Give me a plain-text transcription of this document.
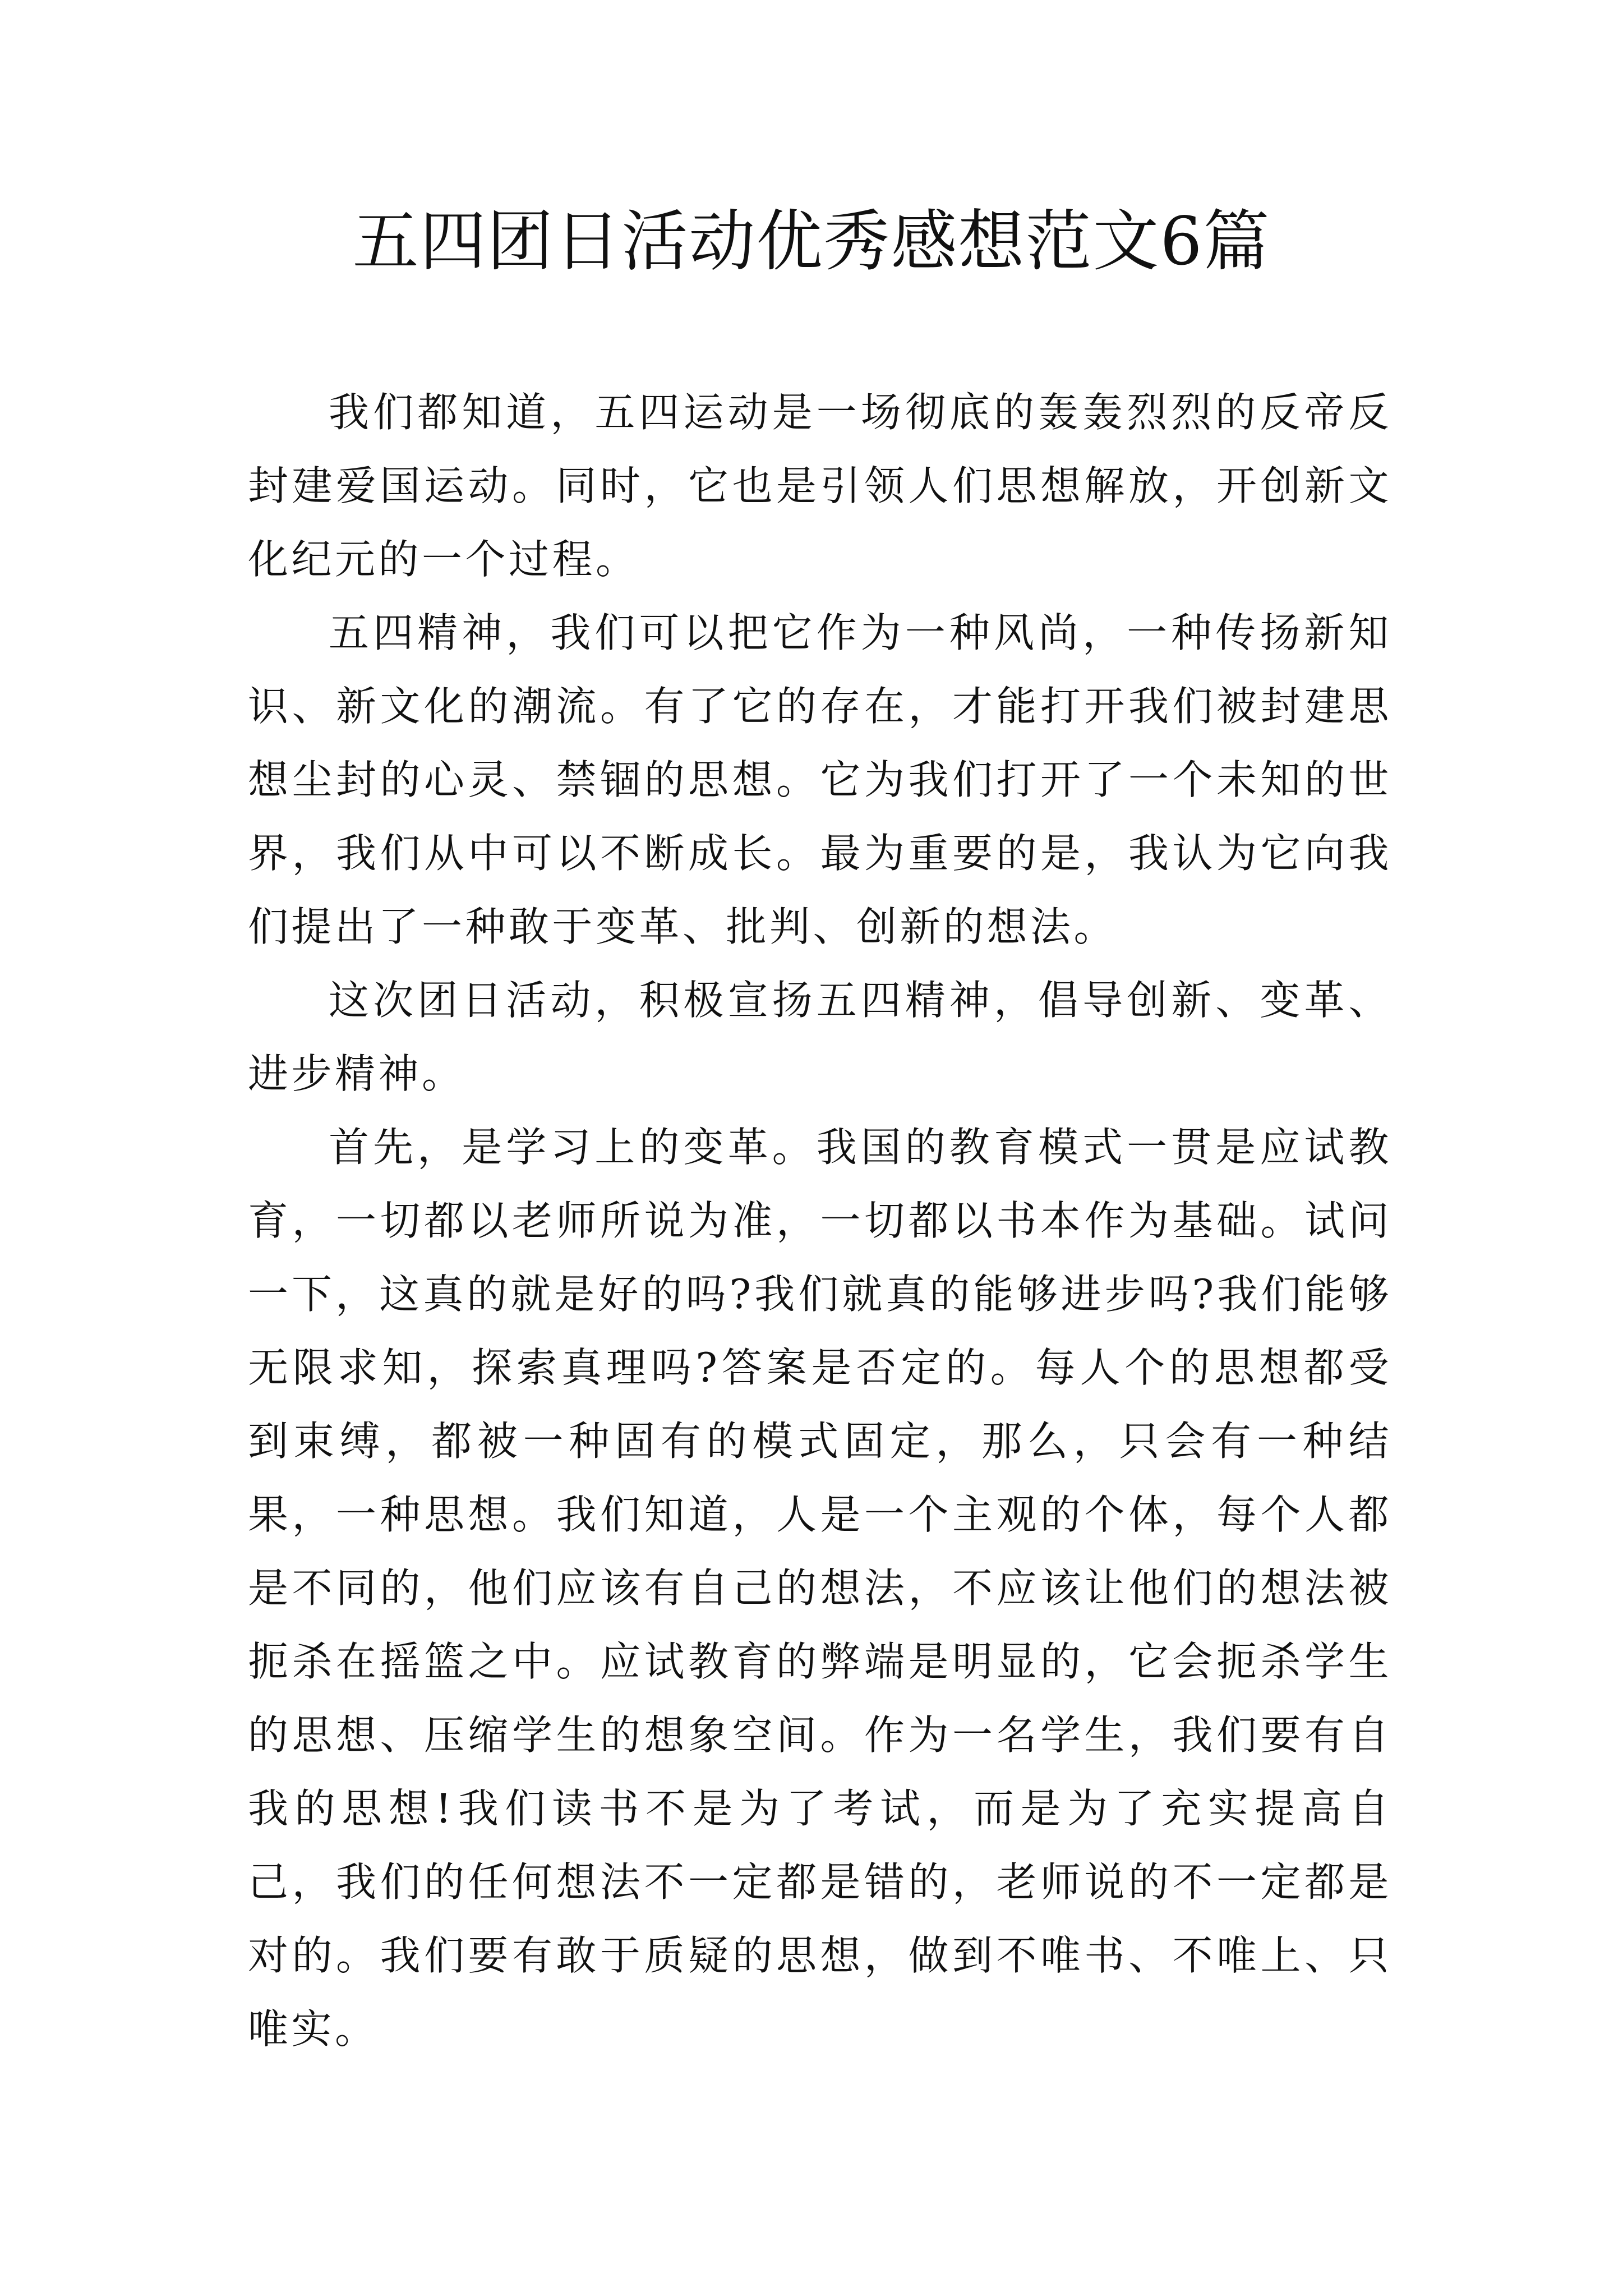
五四团日活动优秀感想范文6篇

我们都知道，五四运动是一场彻底的轰轰烈烈的反帝反封建爱国运动。同时，它也是引领人们思想解放，开创新文化纪元的一个过程。

五四精神，我们可以把它作为一种风尚，一种传扬新知识、新文化的潮流。有了它的存在，才能打开我们被封建思想尘封的心灵、禁锢的思想。它为我们打开了一个未知的世界，我们从中可以不断成长。最为重要的是，我认为它向我们提出了一种敢于变革、批判、创新的想法。

这次团日活动，积极宣扬五四精神，倡导创新、变革、进步精神。

首先，是学习上的变革。我国的教育模式一贯是应试教育，一切都以老师所说为准，一切都以书本作为基础。试问一下，这真的就是好的吗?我们就真的能够进步吗?我们能够无限求知，探索真理吗?答案是否定的。每人个的思想都受到束缚，都被一种固有的模式固定，那么，只会有一种结果，一种思想。我们知道，人是一个主观的个体，每个人都是不同的，他们应该有自己的想法，不应该让他们的想法被扼杀在摇篮之中。应试教育的弊端是明显的，它会扼杀学生的思想、压缩学生的想象空间。作为一名学生，我们要有自我的思想!我们读书不是为了考试，而是为了充实提高自己，我们的任何想法不一定都是错的，老师说的不一定都是对的。我们要有敢于质疑的思想，做到不唯书、不唯上、只唯实。
